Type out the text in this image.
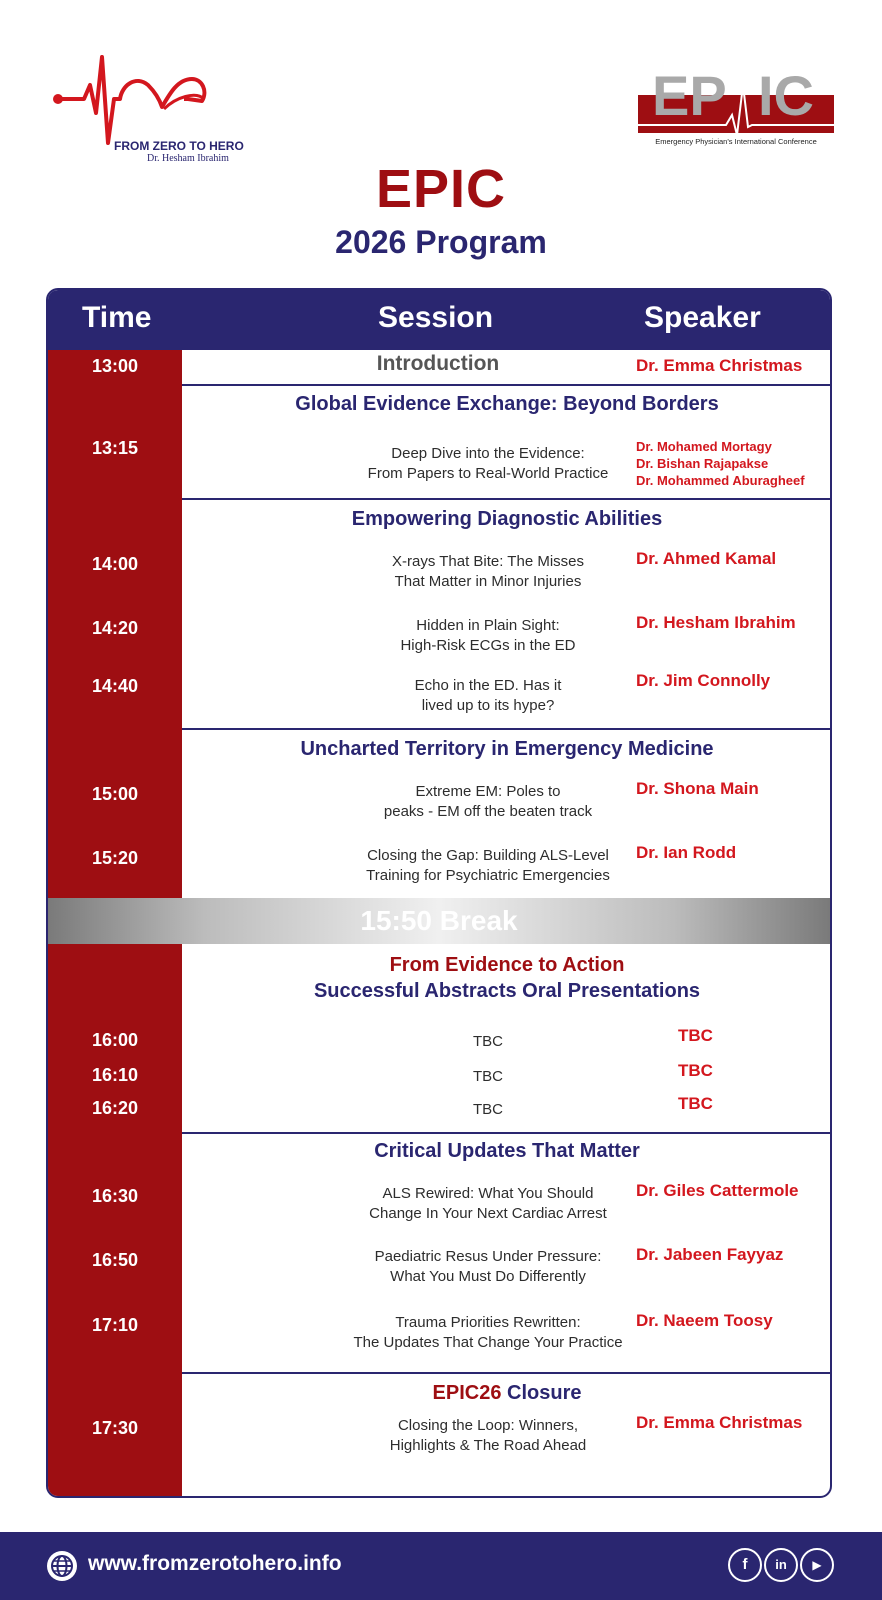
FROM ZERO TO HERO
Dr. Hesham Ibrahim
EP IC
Emergency Physician's International Conference
EPIC
2026 Program
Time	Session	Speaker
13:00	Introduction	Dr. Emma Christmas
Global Evidence Exchange: Beyond Borders
13:15	Deep Dive into the Evidence:
From Papers to Real-World Practice
Dr. Mohamed Mortagy
Dr. Bishan Rajapakse
Dr. Mohammed Aburagheef
Empowering Diagnostic Abilities
14:00	X-rays That Bite: The Misses
That Matter in Minor Injuries
Dr. Ahmed Kamal
14:20	Hidden in Plain Sight:
High-Risk ECGs in the ED
Dr. Hesham Ibrahim
14:40	Echo in the ED. Has it
lived up to its hype?
Dr. Jim Connolly
Uncharted Territory in Emergency Medicine
15:00	Extreme EM: Poles to
peaks - EM off the beaten track
Dr. Shona Main
15:20	Closing the Gap: Building ALS-Level
Training for Psychiatric Emergencies
Dr. Ian Rodd
15:50 Break
From Evidence to Action
Successful Abstracts Oral Presentations
16:00	TBC	TBC
16:10	TBC	TBC
16:20	TBC	TBC
Critical Updates That Matter
16:30	ALS Rewired: What You Should
Change In Your Next Cardiac Arrest
Dr. Giles Cattermole
16:50	Paediatric Resus Under Pressure:
What You Must Do Differently
Dr. Jabeen Fayyaz
17:10	Trauma Priorities Rewritten:
The Updates That Change Your Practice
Dr. Naeem Toosy
EPIC26 Closure
17:30	Closing the Loop: Winners,
Highlights & The Road Ahead
Dr. Emma Christmas
www.fromzerotohero.info	f	in	▶
